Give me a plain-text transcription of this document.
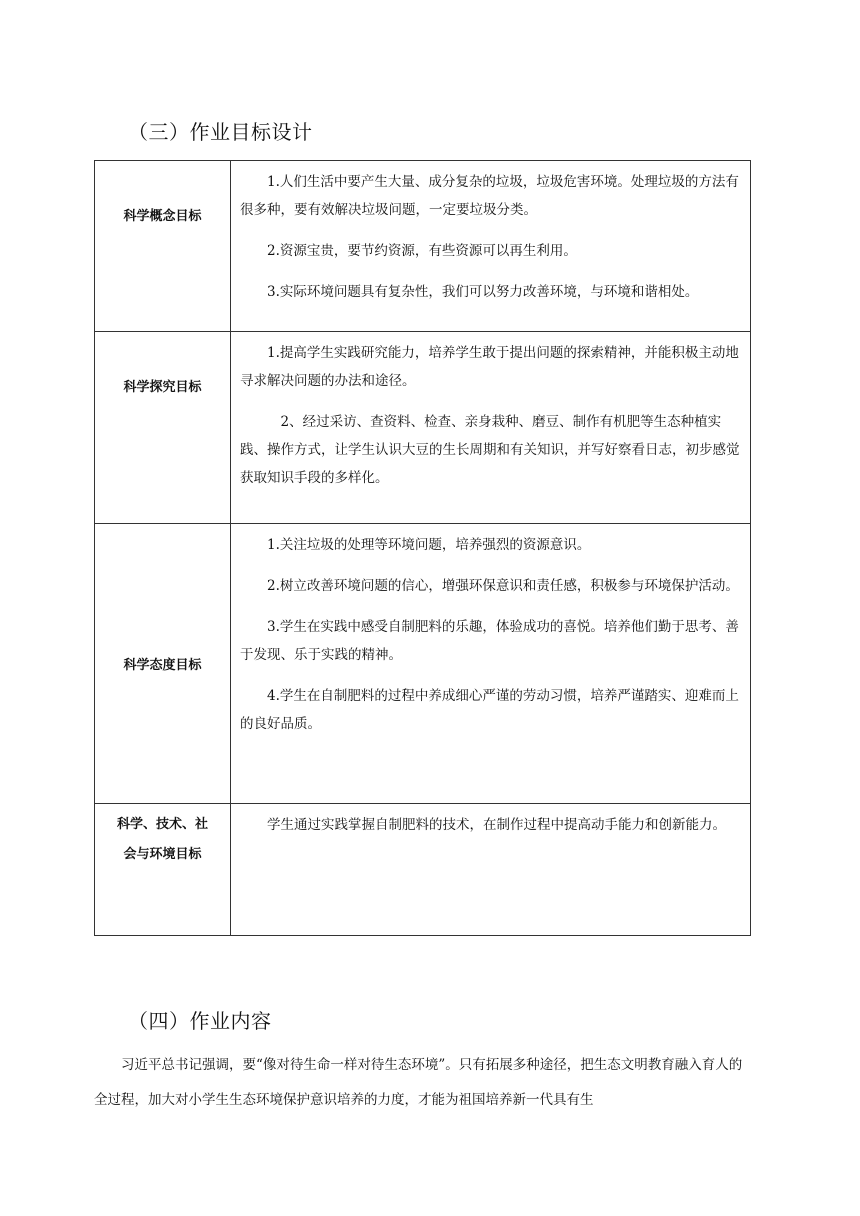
（三）作业目标设计
科学概念目标	1.人们生活中要产生大量、成分复杂的垃圾，垃圾危害环境。处理垃圾的方法有很多种，要有效解决垃圾问题，一定要垃圾分类。

2.资源宝贵，要节约资源，有些资源可以再生利用。

3.实际环境问题具有复杂性，我们可以努力改善环境，与环境和谐相处。

科学探究目标	1.提高学生实践研究能力，培养学生敢于提出问题的探索精神，并能积极主动地寻求解决问题的办法和途径。

2、经过采访、查资料、检查、亲身栽种、磨豆、制作有机肥等生态种植实践、操作方式，让学生认识大豆的生长周期和有关知识，并写好察看日志，初步感觉获取知识手段的多样化。

科学态度目标	1.关注垃圾的处理等环境问题，培养强烈的资源意识。

2.树立改善环境问题的信心，增强环保意识和责任感，积极参与环境保护活动。

3.学生在实践中感受自制肥料的乐趣，体验成功的喜悦。培养他们勤于思考、善于发现、乐于实践的精神。

4.学生在自制肥料的过程中养成细心严谨的劳动习惯，培养严谨踏实、迎难而上的良好品质。

科学、技术、社
会与环境目标	学生通过实践掌握自制肥料的技术，在制作过程中提高动手能力和创新能力。

（四）作业内容

习近平总书记强调，要“像对待生命一样对待生态环境”。只有拓展多种途径，把生态文明教育融入育人的全过程，加大对小学生生态环境保护意识培养的力度，才能为祖国培养新一代具有生
